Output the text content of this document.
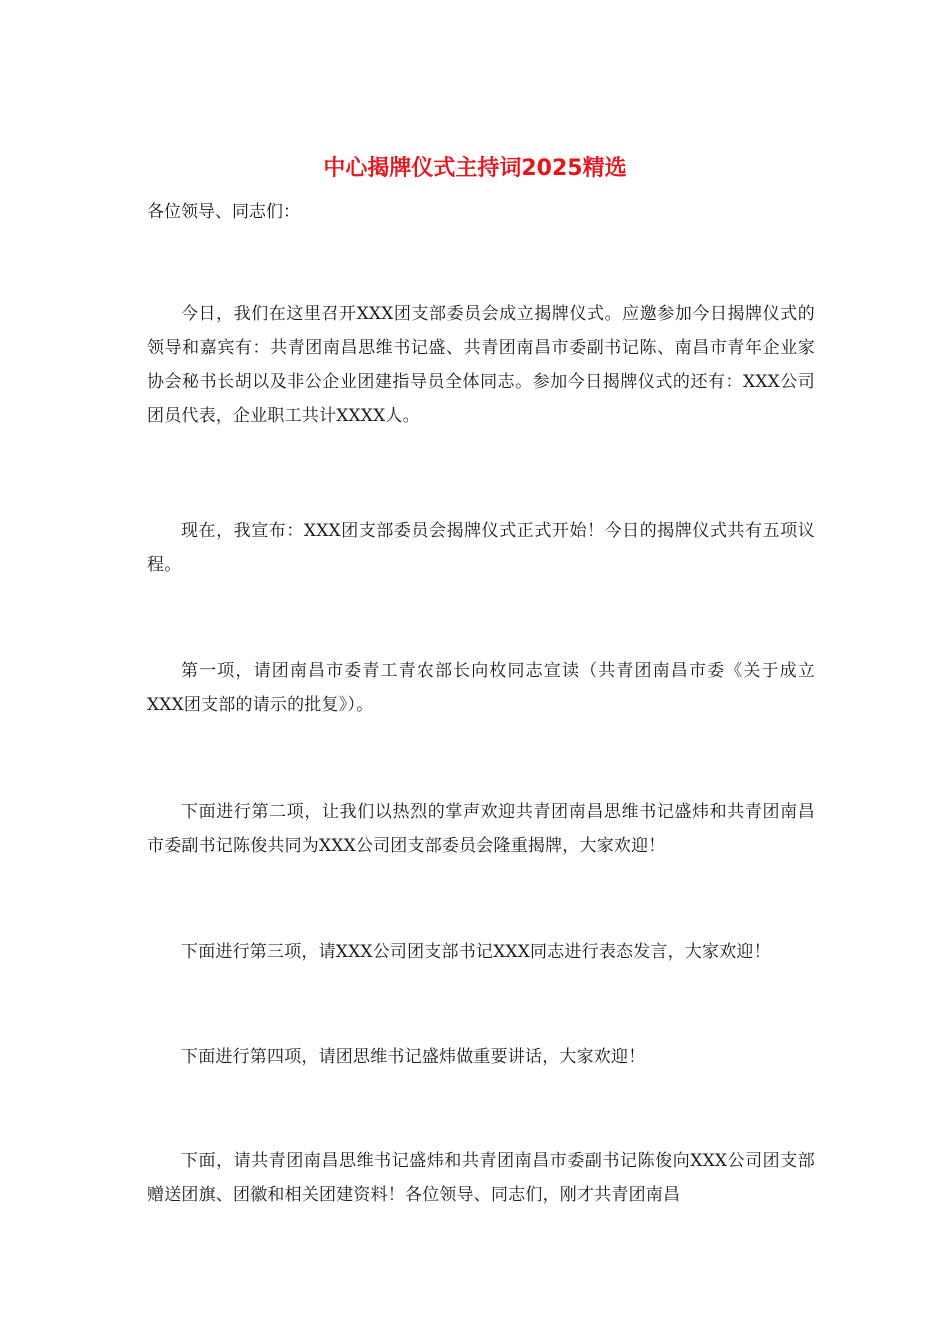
中心揭牌仪式主持词2025精选

各位领导、同志们：

今日，我们在这里召开XXX团支部委员会成立揭牌仪式。应邀参加今日揭牌仪式的领导和嘉宾有：共青团南昌思维书记盛、共青团南昌市委副书记陈、南昌市青年企业家协会秘书长胡以及非公企业团建指导员全体同志。参加今日揭牌仪式的还有：XXX公司团员代表，企业职工共计XXXX人。

现在，我宣布：XXX团支部委员会揭牌仪式正式开始！今日的揭牌仪式共有五项议程。

第一项，请团南昌市委青工青农部长向枚同志宣读（共青团南昌市委《关于成立XXX团支部的请示的批复》）。

下面进行第二项，让我们以热烈的掌声欢迎共青团南昌思维书记盛炜和共青团南昌市委副书记陈俊共同为XXX公司团支部委员会隆重揭牌，大家欢迎！

下面进行第三项，请XXX公司团支部书记XXX同志进行表态发言，大家欢迎！

下面进行第四项，请团思维书记盛炜做重要讲话，大家欢迎！

下面，请共青团南昌思维书记盛炜和共青团南昌市委副书记陈俊向XXX公司团支部赠送团旗、团徽和相关团建资料！各位领导、同志们，刚才共青团南昌
